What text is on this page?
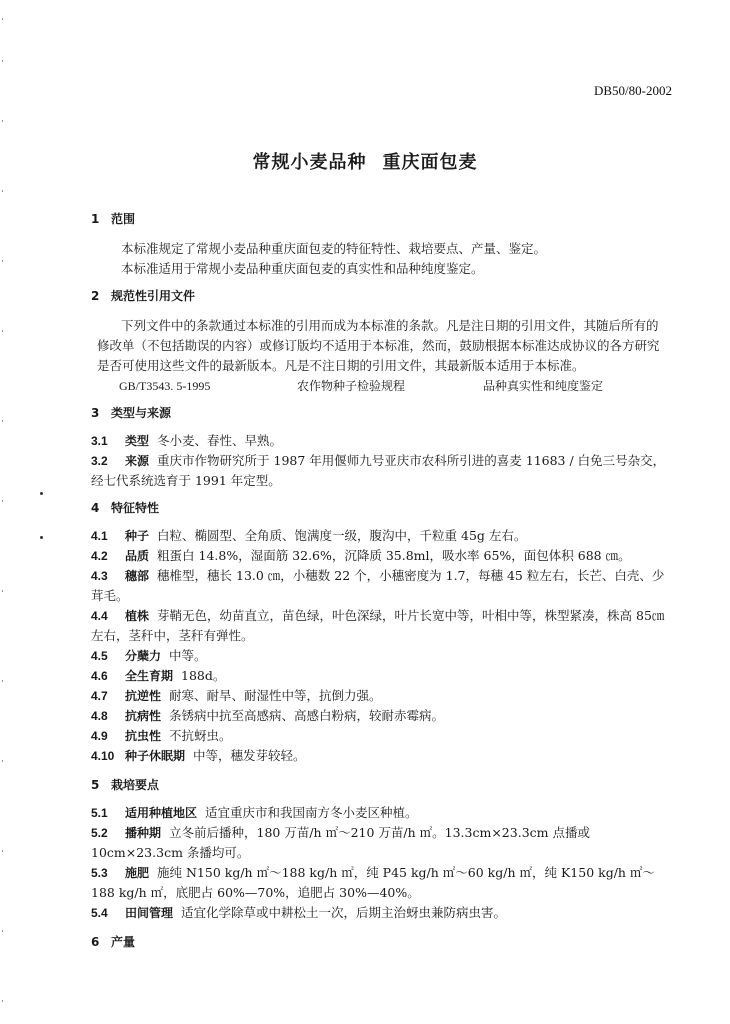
DB50/80-2002
常规小麦品种 重庆面包麦

1 范围

本标准规定了常规小麦品种重庆面包麦的特征特性、栽培要点、产量、鉴定。

本标准适用于常规小麦品种重庆面包麦的真实性和品种纯度鉴定。

2 规范性引用文件

下列文件中的条款通过本标准的引用而成为本标准的条款。凡是注日期的引用文件，其随后所有的修改单（不包括勘误的内容）或修订版均不适用于本标准，然而，鼓励根据本标准达成协议的各方研究是否可使用这些文件的最新版本。凡是不注日期的引用文件，其最新版本适用于本标准。

GB/T3543. 5-1995	农作物种子检验规程	品种真实性和纯度鉴定

3 类型与来源

3.1 类型 冬小麦、春性、早熟。

3.2 来源 重庆市作物研究所于 1987 年用偃师九号亚庆市农科所引进的喜麦 11683 / 白免三号杂交，经七代系统选育于 1991 年定型。

4 特征特性

4.1 种子 白粒、椭圆型、全角质、饱满度一级，腹沟中，千粒重 45g 左右。

4.2 品质 粗蛋白 14.8%，湿面筋 32.6%，沉降质 35.8ml，吸水率 65%，面包体积 688 ㎝。

4.3 穗部 穗椎型，穗长 13.0 ㎝，小穗数 22 个，小穗密度为 1.7，每穗 45 粒左右，长芒、白壳、少茸毛。

4.4 植株 芽鞘无色，幼苗直立，苗色绿，叶色深绿，叶片长宽中等，叶相中等，株型紧凑，株高 85㎝左右，茎秆中，茎秆有弹性。

4.5 分蘖力 中等。

4.6 全生育期 188d。

4.7 抗逆性 耐寒、耐旱、耐湿性中等，抗倒力强。

4.8 抗病性 条锈病中抗至高感病、高感白粉病，较耐赤霉病。

4.9 抗虫性 不抗蚜虫。

4.10 种子休眠期 中等，穗发芽较轻。

5 栽培要点

5.1 适用种植地区 适宜重庆市和我国南方冬小麦区种植。

5.2 播种期 立冬前后播种，180 万苗/h ㎡～210 万苗/h ㎡。13.3cm×23.3cm 点播或 10cm×23.3cm 条播均可。

5.3 施肥 施纯 N150 kg/h ㎡～188 kg/h ㎡，纯 P45 kg/h ㎡～60 kg/h ㎡，纯 K150 kg/h ㎡～188 kg/h ㎡，底肥占 60%—70%，追肥占 30%—40%。

5.4 田间管理 适宜化学除草或中耕松土一次，后期主治蚜虫兼防病虫害。

6 产量
